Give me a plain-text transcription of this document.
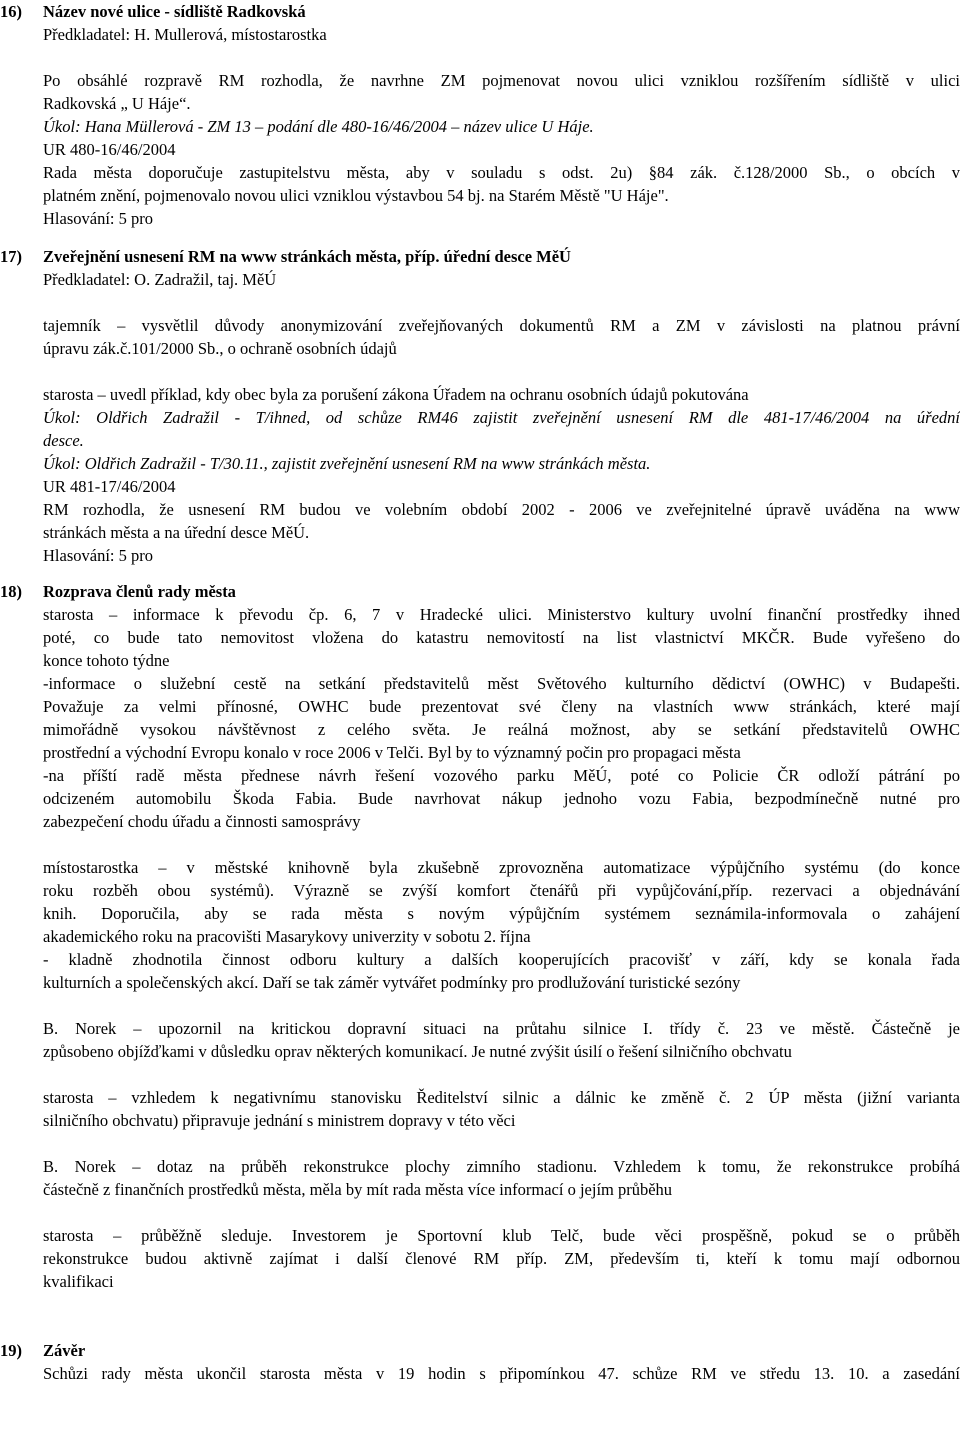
16) Název nové ulice - sídliště Radkovská
Předkladatel: H. Mullerová, místostarostka
Po obsáhlé rozpravě RM rozhodla, že navrhne ZM pojmenovat novou ulici vzniklou rozšířením sídliště v ulici
Radkovská „ U Háje“.
Úkol: Hana Müllerová - ZM 13 – podání dle 480-16/46/2004 – název ulice U Háje.
UR 480-16/46/2004
Rada města doporučuje zastupitelstvu města, aby v souladu s odst. 2u) §84 zák. č.128/2000 Sb., o obcích v
platném znění, pojmenovalo novou ulici vzniklou výstavbou 54 bj. na Starém Městě "U Háje".
Hlasování: 5 pro
17) Zveřejnění usnesení RM na www stránkách města, příp. úřední desce MěÚ
Předkladatel: O. Zadražil, taj. MěÚ
tajemník – vysvětlil důvody anonymizování zveřejňovaných dokumentů RM a ZM v závislosti na platnou právní
úpravu zák.č.101/2000 Sb., o ochraně osobních údajů
starosta – uvedl příklad, kdy obec byla za porušení zákona Úřadem na ochranu osobních údajů pokutována
Úkol: Oldřich Zadražil - T/ihned, od schůze RM46 zajistit zveřejnění usnesení RM dle 481-17/46/2004 na úřední
desce.
Úkol: Oldřich Zadražil - T/30.11., zajistit zveřejnění usnesení RM na www stránkách města.
UR 481-17/46/2004
RM rozhodla, že usnesení RM budou ve volebním období 2002 - 2006 ve zveřejnitelné úpravě uváděna na www
stránkách města a na úřední desce MěÚ.
Hlasování: 5 pro
18) Rozprava členů rady města
starosta – informace k převodu čp. 6, 7 v Hradecké ulici. Ministerstvo kultury uvolní finanční prostředky ihned
poté, co bude tato nemovitost vložena do katastru nemovitostí na list vlastnictví MKČR. Bude vyřešeno do
konce tohoto týdne
-informace o služební cestě na setkání představitelů měst Světového kulturního dědictví (OWHC) v Budapešti.
Považuje za velmi přínosné, OWHC bude prezentovat své členy na vlastních www stránkách, které mají
mimořádně vysokou návštěvnost z celého světa. Je reálná možnost, aby se setkání představitelů OWHC
prostřední a východní Evropu konalo v roce 2006 v Telči. Byl by to významný počin pro propagaci města
-na příští radě města přednese návrh řešení vozového parku MěÚ, poté co Policie ČR odloží pátrání po
odcizeném automobilu Škoda Fabia. Bude navrhovat nákup jednoho vozu Fabia, bezpodmínečně nutné pro
zabezpečení chodu úřadu a činnosti samosprávy
místostarostka – v městské knihovně byla zkušebně zprovozněna automatizace výpůjčního systému (do konce
roku rozběh obou systémů). Výrazně se zvýší komfort čtenářů při vypůjčování,příp. rezervaci a objednávání
knih. Doporučila, aby se rada města s novým výpůjčním systémem seznámila-informovala o zahájení
akademického roku na pracovišti Masarykovy univerzity v sobotu 2. října
- kladně zhodnotila činnost odboru kultury a dalších kooperujících pracovišť v září, kdy se konala řada
kulturních a společenských akcí. Daří se tak záměr vytvářet podmínky pro prodlužování turistické sezóny
B. Norek – upozornil na kritickou dopravní situaci na průtahu silnice I. třídy č. 23 ve městě. Částečně je
způsobeno objížďkami v důsledku oprav některých komunikací. Je nutné zvýšit úsilí o řešení silničního obchvatu
starosta – vzhledem k negativnímu stanovisku Ředitelství silnic a dálnic ke změně č. 2 ÚP města (jižní varianta
silničního obchvatu) připravuje jednání s ministrem dopravy v této věci
B. Norek – dotaz na průběh rekonstrukce plochy zimního stadionu. Vzhledem k tomu, že rekonstrukce probíhá
částečně z finančních prostředků města, měla by mít rada města více informací o jejím průběhu
starosta – průběžně sleduje. Investorem je Sportovní klub Telč, bude věci prospěšně, pokud se o průběh
rekonstrukce budou aktivně zajímat i další členové RM příp. ZM, především ti, kteří k tomu mají odbornou
kvalifikaci
19) Závěr
Schůzi rady města ukončil starosta města v 19 hodin s připomínkou 47. schůze RM ve středu 13. 10. a zasedání
